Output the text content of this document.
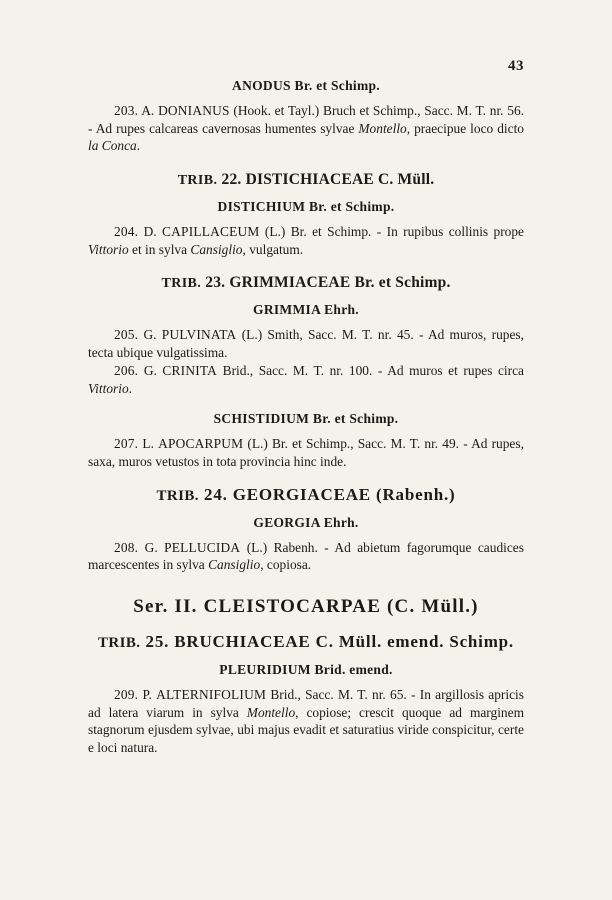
43
ANODUS Br. et Schimp.

203. A. DONIANUS (Hook. et Tayl.) Bruch et Schimp., Sacc. M. T. nr. 56. - Ad rupes calcareas cavernosas humentes sylvae Montello, praecipue loco dicto la Conca.

TRIB. 22. DISTICHIACEAE C. Müll.
DISTICHIUM Br. et Schimp.

204. D. CAPILLACEUM (L.) Br. et Schimp. - In rupibus collinis prope Vittorio et in sylva Cansiglio, vulgatum.

TRIB. 23. GRIMMIACEAE Br. et Schimp.
GRIMMIA Ehrh.

205. G. PULVINATA (L.) Smith, Sacc. M. T. nr. 45. - Ad muros, rupes, tecta ubique vulgatissima.

206. G. CRINITA Brid., Sacc. M. T. nr. 100. - Ad muros et rupes circa Vittorio.

SCHISTIDIUM Br. et Schimp.

207. L. APOCARPUM (L.) Br. et Schimp., Sacc. M. T. nr. 49. - Ad rupes, saxa, muros vetustos in tota provincia hinc inde.

TRIB. 24. GEORGIACEAE (Rabenh.)
GEORGIA Ehrh.

208. G. PELLUCIDA (L.) Rabenh. - Ad abietum fagorumque caudices marcescentes in sylva Cansiglio, copiosa.

Ser. II. CLEISTOCARPAE (C. Müll.)
TRIB. 25. BRUCHIACEAE C. Müll. emend. Schimp.
PLEURIDIUM Brid. emend.

209. P. ALTERNIFOLIUM Brid., Sacc. M. T. nr. 65. - In argillosis apricis ad latera viarum in sylva Montello, copiose; crescit quoque ad marginem stagnorum ejusdem sylvae, ubi majus evadit et saturatius viride conspicitur, certe e loci natura.
